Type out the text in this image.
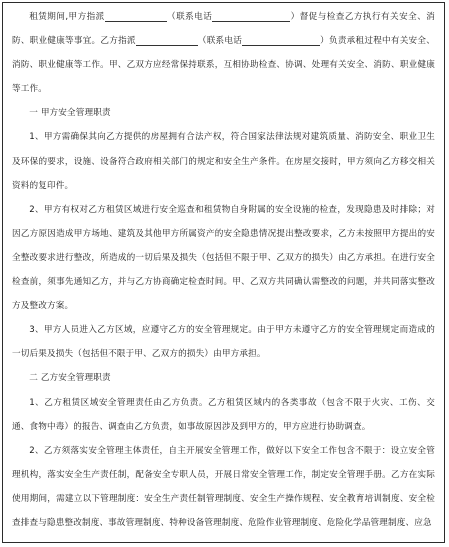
租赁期间,甲方指派	（联系电话	）督促与检查乙方执行有关安全、消防、职业健康等事宜。乙方指派	（联系电话	）负责承租过程中有关安全、消防、职业健康等工作。甲、乙双方应经常保持联系，互相协助检查、协调、处理有关安全、消防、职业健康等工作。

一 甲方安全管理职责

1、甲方需确保其向乙方提供的房屋拥有合法产权，符合国家法律法规对建筑质量、消防安全、职业卫生及环保的要求，设施、设备符合政府相关部门的规定和安全生产条件。在房屋交接时，甲方须向乙方移交相关资料的复印件。

2、甲方有权对乙方租赁区域进行安全巡查和租赁物自身附属的安全设施的检查，发现隐患及时排除；对因乙方原因造成甲方场地、建筑及其他甲方所属资产的安全隐患情况提出整改要求，乙方未按照甲方提出的安全整改要求进行整改，所造成的一切后果及损失（包括但不限于甲、乙双方的损失）由乙方承担。在进行安全检查前，须事先通知乙方，并与乙方协商确定检查时间。甲、乙双方共同确认需整改的问题，并共同落实整改方及整改方案。

3、甲方人员进入乙方区域，应遵守乙方的安全管理规定。由于甲方未遵守乙方的安全管理规定而造成的一切后果及损失（包括但不限于甲、乙双方的损失）由甲方承担。

二 乙方安全管理职责

1、乙方租赁区域安全管理责任由乙方负责。乙方租赁区域内的各类事故（包含不限于火灾、工伤、交通、食物中毒）的报告、调查由乙方负责，如事故原因涉及到甲方的，甲方应进行协助调查。

2、乙方须落实安全管理主体责任，自主开展安全管理工作，做好以下安全工作包含不限于：设立安全管理机构，落实安全生产责任制，配备安全专职人员，开展日常安全管理工作，制定安全管理手册。乙方在实际使用期间，需建立以下管理制度：安全生产责任制管理制度、安全生产操作规程、安全教育培训制度、安全检查排查与隐患整改制度、事故管理制度、特种设备管理制度、危险作业管理制度、危险化学品管理制度、应急
